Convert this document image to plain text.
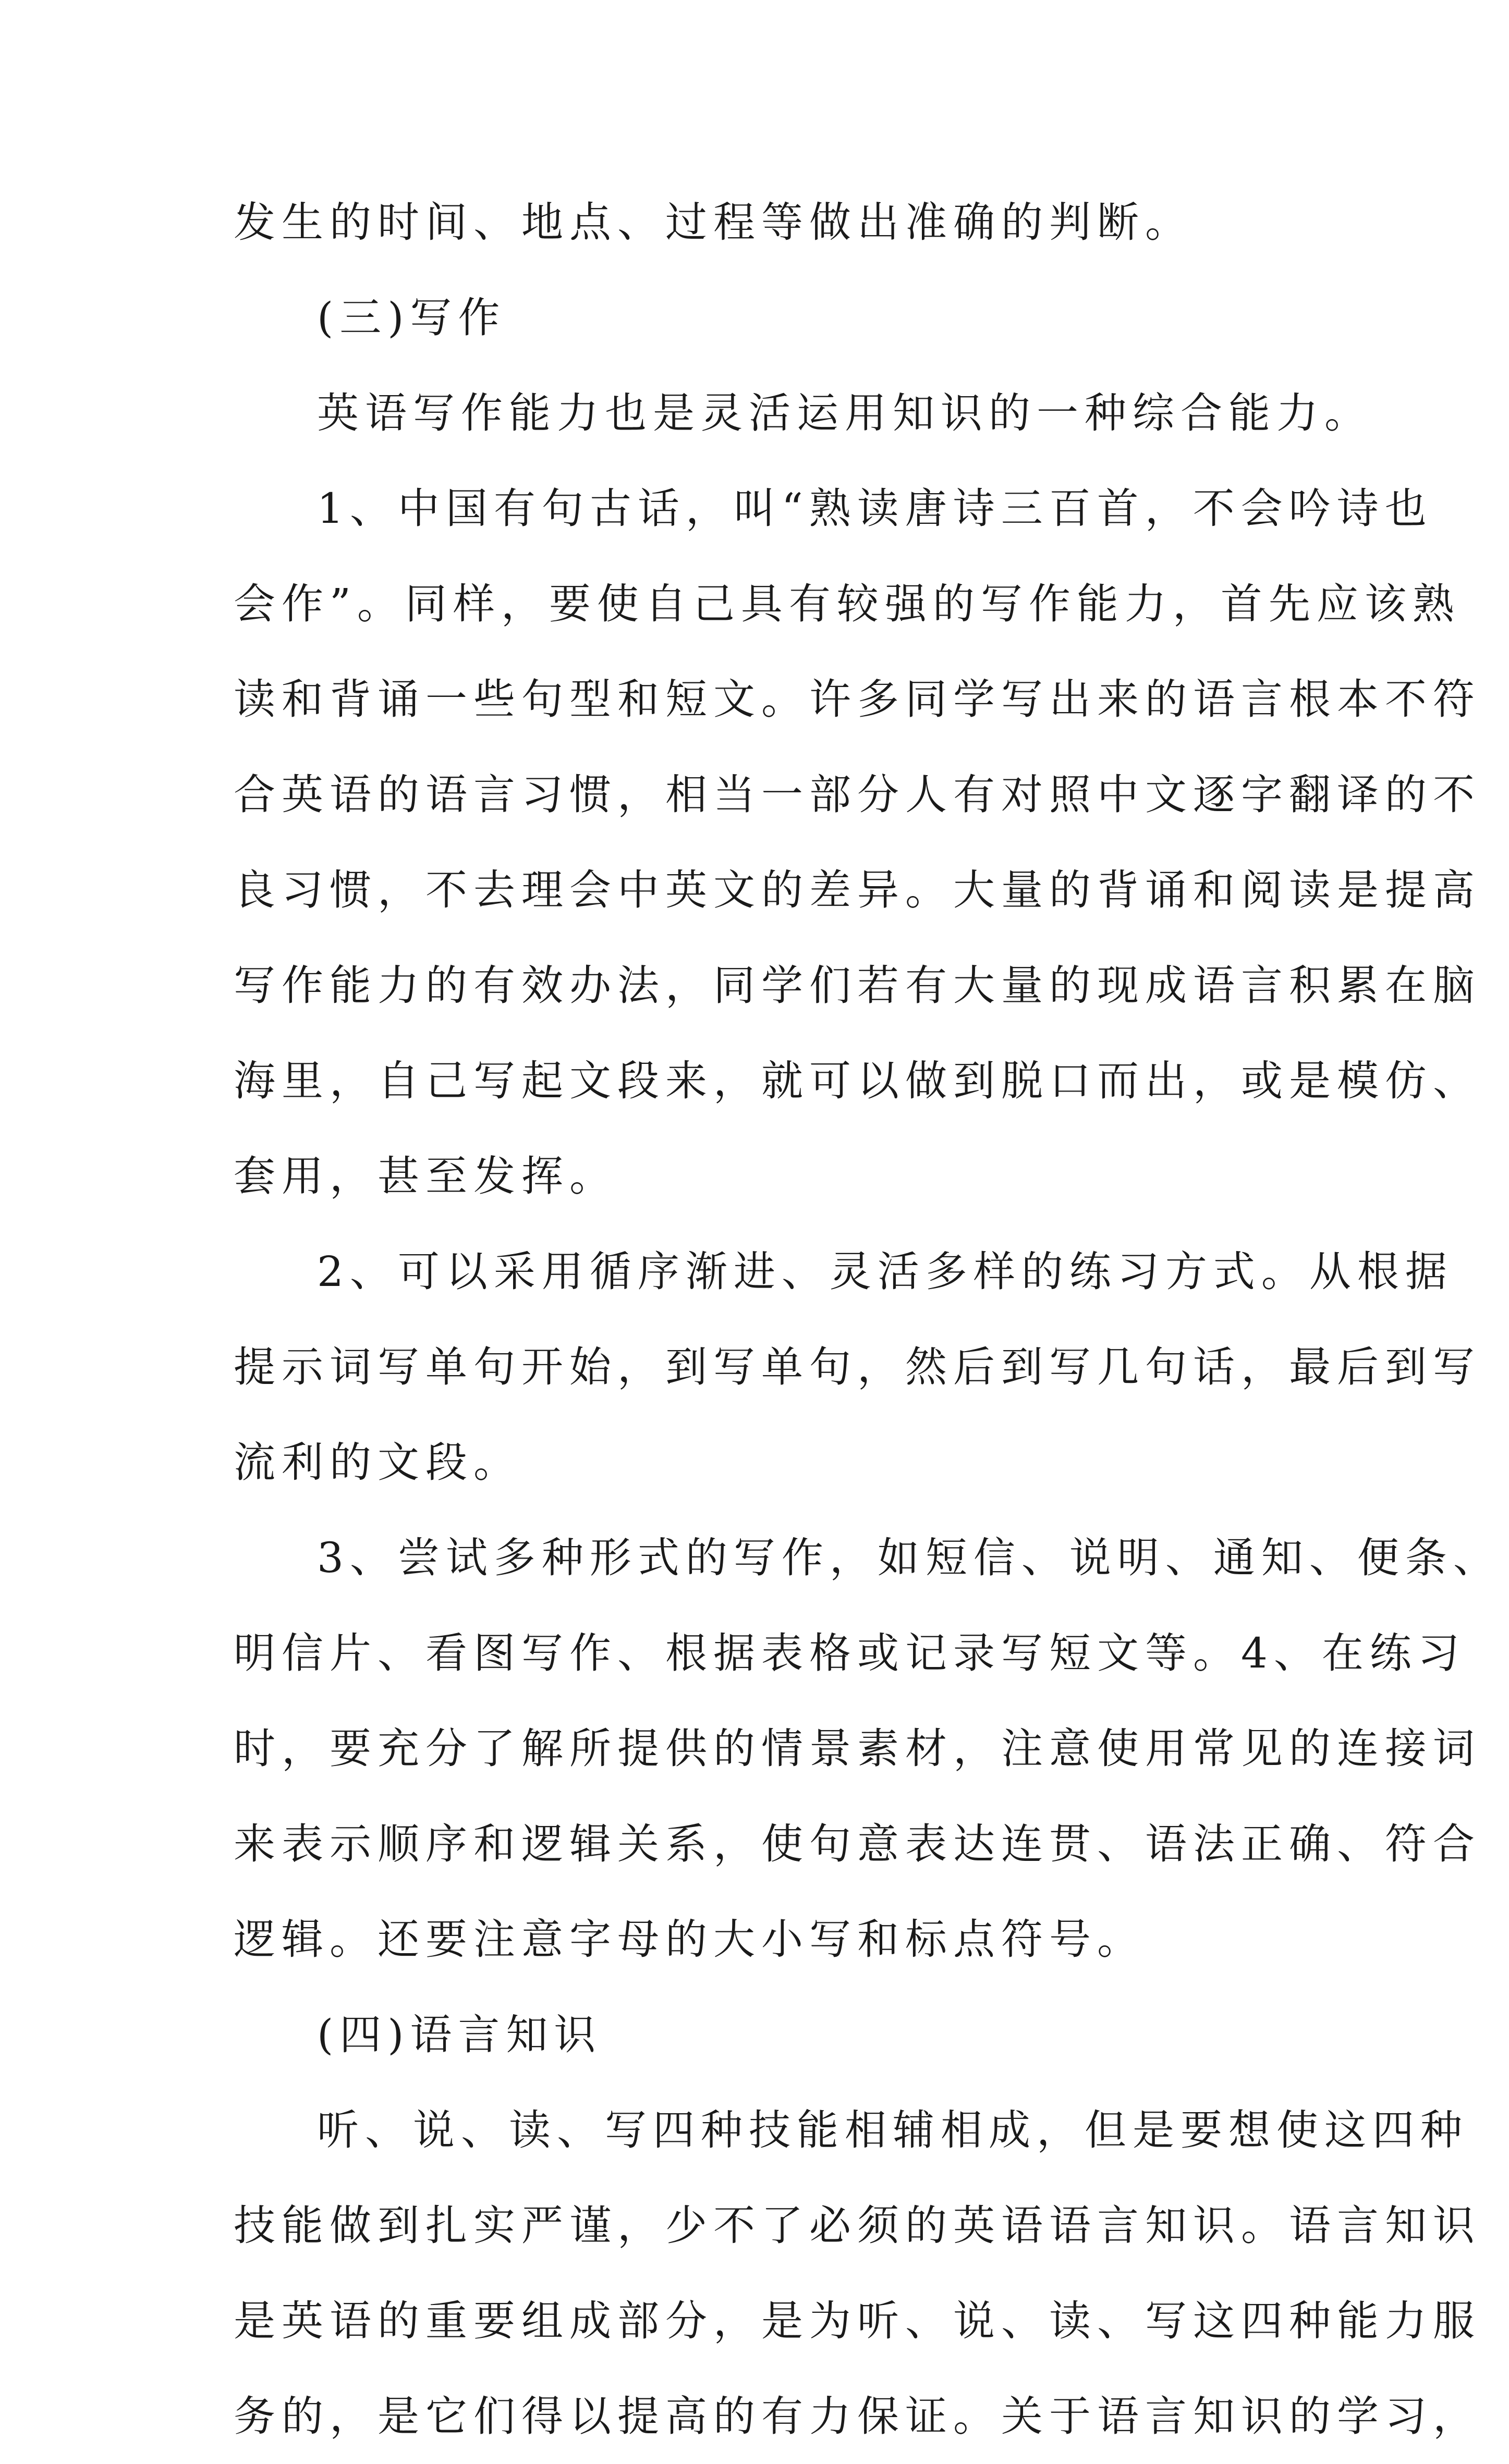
发生的时间、地点、过程等做出准确的判断。
(三)写作
英语写作能力也是灵活运用知识的一种综合能力。
1、中国有句古话，叫“熟读唐诗三百首，不会吟诗也
会作”。同样，要使自己具有较强的写作能力，首先应该熟
读和背诵一些句型和短文。许多同学写出来的语言根本不符
合英语的语言习惯，相当一部分人有对照中文逐字翻译的不
良习惯，不去理会中英文的差异。大量的背诵和阅读是提高
写作能力的有效办法，同学们若有大量的现成语言积累在脑
海里，自己写起文段来，就可以做到脱口而出，或是模仿、
套用，甚至发挥。
2、可以采用循序渐进、灵活多样的练习方式。从根据
提示词写单句开始，到写单句，然后到写几句话，最后到写
流利的文段。
3、尝试多种形式的写作，如短信、说明、通知、便条、
明信片、看图写作、根据表格或记录写短文等。4、在练习
时，要充分了解所提供的情景素材，注意使用常见的连接词
来表示顺序和逻辑关系，使句意表达连贯、语法正确、符合
逻辑。还要注意字母的大小写和标点符号。
(四)语言知识
听、说、读、写四种技能相辅相成，但是要想使这四种
技能做到扎实严谨，少不了必须的英语语言知识。语言知识
是英语的重要组成部分，是为听、说、读、写这四种能力服
务的，是它们得以提高的有力保证。关于语言知识的学习，
